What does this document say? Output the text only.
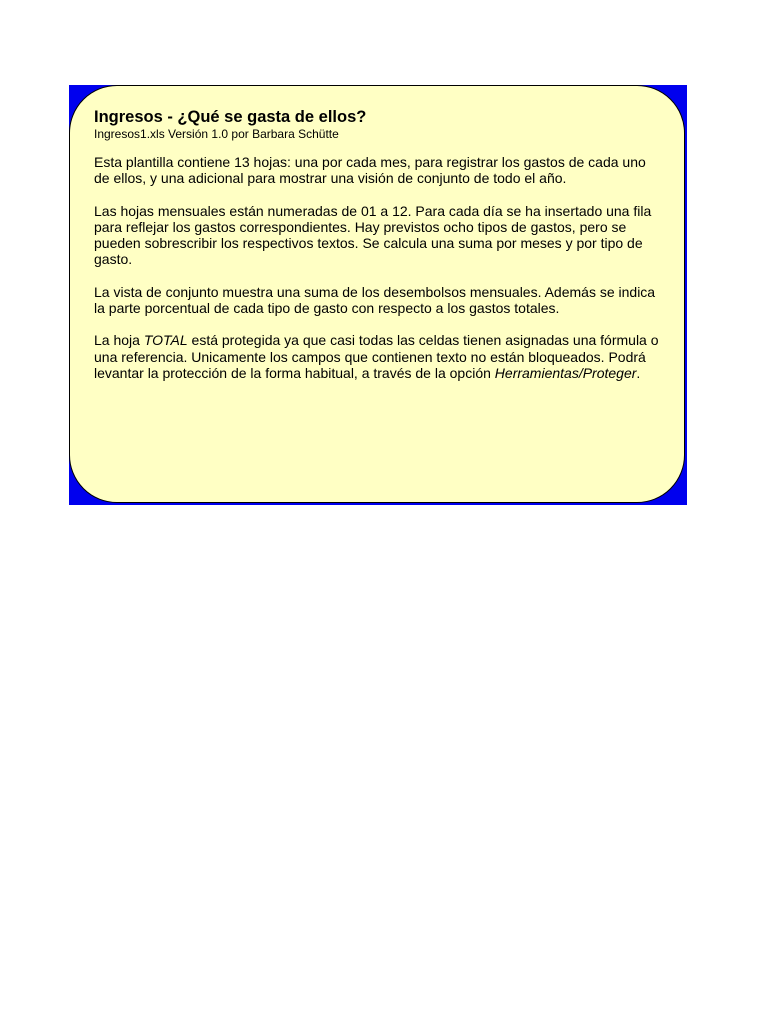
Ingresos - ¿Qué se gasta de ellos?
Ingresos1.xls Versión 1.0 por Barbara Schütte

Esta plantilla contiene 13 hojas: una por cada mes, para registrar los gastos de cada uno de ellos, y una adicional para mostrar una visión de conjunto de todo el año.

Las hojas mensuales están numeradas de 01 a 12. Para cada día se ha insertado una fila para reflejar los gastos correspondientes. Hay previstos ocho tipos de gastos, pero se pueden sobrescribir los respectivos textos. Se calcula una suma por meses y por tipo de gasto.

La vista de conjunto muestra una suma de los desembolsos mensuales. Además se indica la parte porcentual de cada tipo de gasto con respecto a los gastos totales.

La hoja TOTAL está protegida ya que casi todas las celdas tienen asignadas una fórmula o una referencia. Unicamente los campos que contienen texto no están bloqueados. Podrá levantar la protección de la forma habitual, a través de la opción Herramientas/Proteger.
